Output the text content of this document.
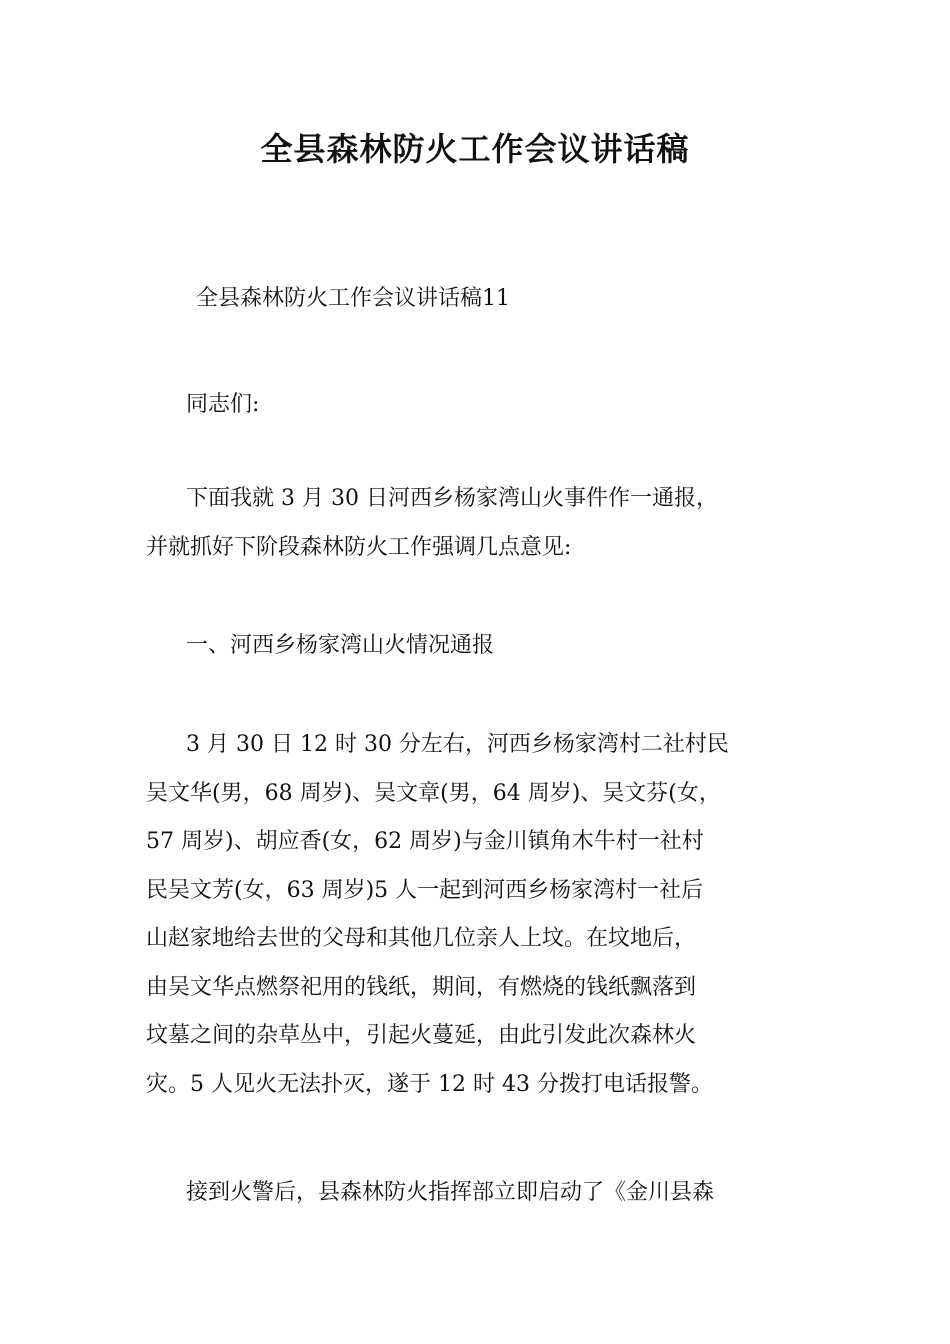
全县森林防火工作会议讲话稿
全县森林防火工作会议讲话稿11
同志们:
下面我就 3 月 30 日河西乡杨家湾山火事件作一通报，
并就抓好下阶段森林防火工作强调几点意见:
一、河西乡杨家湾山火情况通报
3 月 30 日 12 时 30 分左右，河西乡杨家湾村二社村民
吴文华(男，68 周岁)、吴文章(男，64 周岁)、吴文芬(女，
57 周岁)、胡应香(女，62 周岁)与金川镇角木牛村一社村
民吴文芳(女，63 周岁)5 人一起到河西乡杨家湾村一社后
山赵家地给去世的父母和其他几位亲人上坟。在坟地后，
由吴文华点燃祭祀用的钱纸，期间，有燃烧的钱纸飘落到
坟墓之间的杂草丛中，引起火蔓延，由此引发此次森林火
灾。5 人见火无法扑灭，遂于 12 时 43 分拨打电话报警。
接到火警后，县森林防火指挥部立即启动了《金川县森
